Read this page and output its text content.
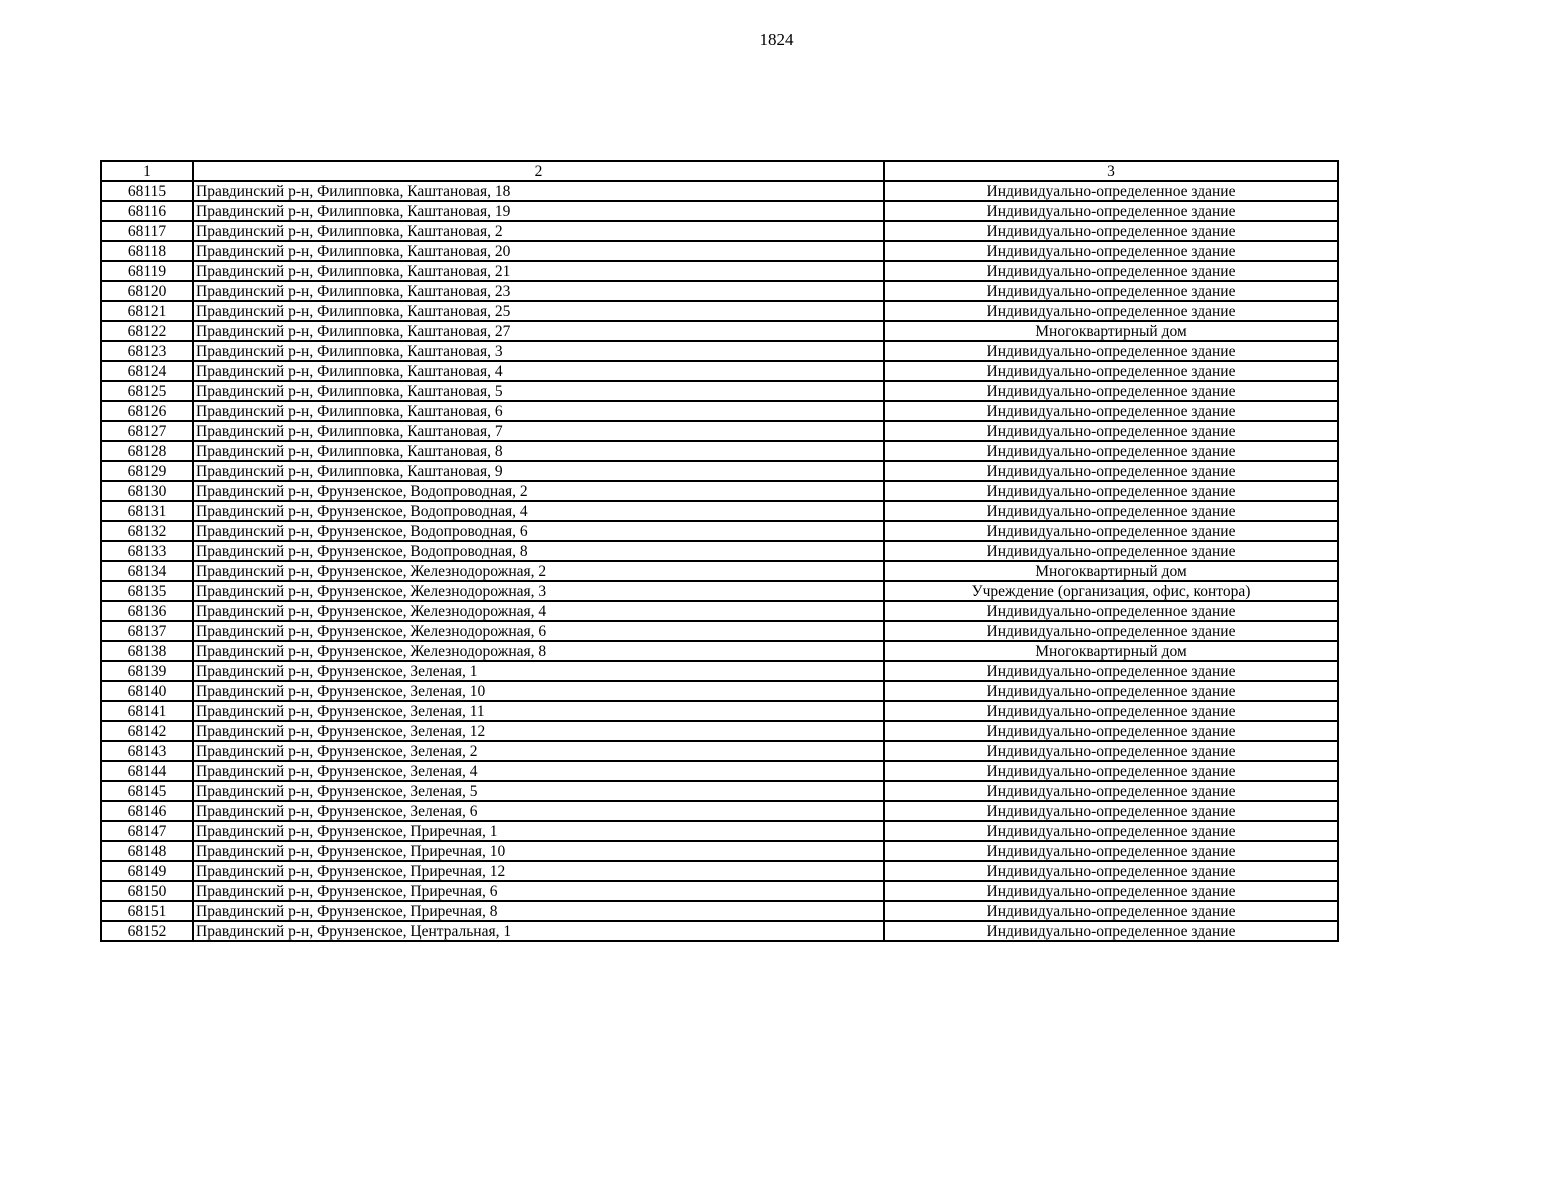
1824
1	2	3
68115	Правдинский р-н, Филипповка, Каштановая, 18	Индивидуально-определенное здание
68116	Правдинский р-н, Филипповка, Каштановая, 19	Индивидуально-определенное здание
68117	Правдинский р-н, Филипповка, Каштановая, 2	Индивидуально-определенное здание
68118	Правдинский р-н, Филипповка, Каштановая, 20	Индивидуально-определенное здание
68119	Правдинский р-н, Филипповка, Каштановая, 21	Индивидуально-определенное здание
68120	Правдинский р-н, Филипповка, Каштановая, 23	Индивидуально-определенное здание
68121	Правдинский р-н, Филипповка, Каштановая, 25	Индивидуально-определенное здание
68122	Правдинский р-н, Филипповка, Каштановая, 27	Многоквартирный дом
68123	Правдинский р-н, Филипповка, Каштановая, 3	Индивидуально-определенное здание
68124	Правдинский р-н, Филипповка, Каштановая, 4	Индивидуально-определенное здание
68125	Правдинский р-н, Филипповка, Каштановая, 5	Индивидуально-определенное здание
68126	Правдинский р-н, Филипповка, Каштановая, 6	Индивидуально-определенное здание
68127	Правдинский р-н, Филипповка, Каштановая, 7	Индивидуально-определенное здание
68128	Правдинский р-н, Филипповка, Каштановая, 8	Индивидуально-определенное здание
68129	Правдинский р-н, Филипповка, Каштановая, 9	Индивидуально-определенное здание
68130	Правдинский р-н, Фрунзенское, Водопроводная, 2	Индивидуально-определенное здание
68131	Правдинский р-н, Фрунзенское, Водопроводная, 4	Индивидуально-определенное здание
68132	Правдинский р-н, Фрунзенское, Водопроводная, 6	Индивидуально-определенное здание
68133	Правдинский р-н, Фрунзенское, Водопроводная, 8	Индивидуально-определенное здание
68134	Правдинский р-н, Фрунзенское, Железнодорожная, 2	Многоквартирный дом
68135	Правдинский р-н, Фрунзенское, Железнодорожная, 3	Учреждение (организация, офис, контора)
68136	Правдинский р-н, Фрунзенское, Железнодорожная, 4	Индивидуально-определенное здание
68137	Правдинский р-н, Фрунзенское, Железнодорожная, 6	Индивидуально-определенное здание
68138	Правдинский р-н, Фрунзенское, Железнодорожная, 8	Многоквартирный дом
68139	Правдинский р-н, Фрунзенское, Зеленая, 1	Индивидуально-определенное здание
68140	Правдинский р-н, Фрунзенское, Зеленая, 10	Индивидуально-определенное здание
68141	Правдинский р-н, Фрунзенское, Зеленая, 11	Индивидуально-определенное здание
68142	Правдинский р-н, Фрунзенское, Зеленая, 12	Индивидуально-определенное здание
68143	Правдинский р-н, Фрунзенское, Зеленая, 2	Индивидуально-определенное здание
68144	Правдинский р-н, Фрунзенское, Зеленая, 4	Индивидуально-определенное здание
68145	Правдинский р-н, Фрунзенское, Зеленая, 5	Индивидуально-определенное здание
68146	Правдинский р-н, Фрунзенское, Зеленая, 6	Индивидуально-определенное здание
68147	Правдинский р-н, Фрунзенское, Приречная, 1	Индивидуально-определенное здание
68148	Правдинский р-н, Фрунзенское, Приречная, 10	Индивидуально-определенное здание
68149	Правдинский р-н, Фрунзенское, Приречная, 12	Индивидуально-определенное здание
68150	Правдинский р-н, Фрунзенское, Приречная, 6	Индивидуально-определенное здание
68151	Правдинский р-н, Фрунзенское, Приречная, 8	Индивидуально-определенное здание
68152	Правдинский р-н, Фрунзенское, Центральная, 1	Индивидуально-определенное здание
